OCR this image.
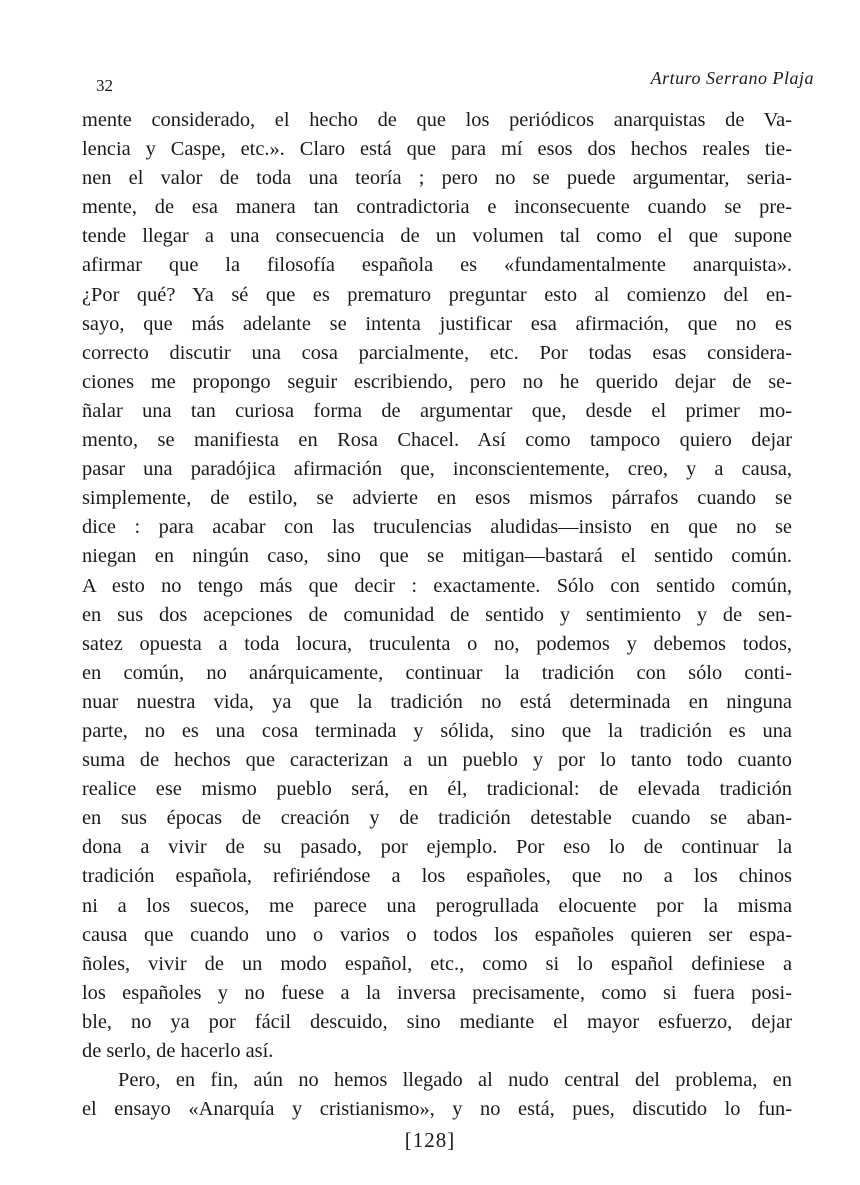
32	Arturo Serrano Plaja
mente considerado, el hecho de que los periódicos anarquistas de Va-
lencia y Caspe, etc.». Claro está que para mí esos dos hechos reales tie-
nen el valor de toda una teoría ; pero no se puede argumentar, seria-
mente, de esa manera tan contradictoria e inconsecuente cuando se pre-
tende llegar a una consecuencia de un volumen tal como el que supone
afirmar que la filosofía española es «fundamentalmente anarquista».
¿Por qué? Ya sé que es prematuro preguntar esto al comienzo del en-
sayo, que más adelante se intenta justificar esa afirmación, que no es
correcto discutir una cosa parcialmente, etc. Por todas esas considera-
ciones me propongo seguir escribiendo, pero no he querido dejar de se-
ñalar una tan curiosa forma de argumentar que, desde el primer mo-
mento, se manifiesta en Rosa Chacel. Así como tampoco quiero dejar
pasar una paradójica afirmación que, inconscientemente, creo, y a causa,
simplemente, de estilo, se advierte en esos mismos párrafos cuando se
dice : para acabar con las truculencias aludidas—insisto en que no se
niegan en ningún caso, sino que se mitigan—bastará el sentido común.
A esto no tengo más que decir : exactamente. Sólo con sentido común,
en sus dos acepciones de comunidad de sentido y sentimiento y de sen-
satez opuesta a toda locura, truculenta o no, podemos y debemos todos,
en común, no anárquicamente, continuar la tradición con sólo conti-
nuar nuestra vida, ya que la tradición no está determinada en ninguna
parte, no es una cosa terminada y sólida, sino que la tradición es una
suma de hechos que caracterizan a un pueblo y por lo tanto todo cuanto
realice ese mismo pueblo será, en él, tradicional: de elevada tradición
en sus épocas de creación y de tradición detestable cuando se aban-
dona a vivir de su pasado, por ejemplo. Por eso lo de continuar la
tradición española, refiriéndose a los españoles, que no a los chinos
ni a los suecos, me parece una perogrullada elocuente por la misma
causa que cuando uno o varios o todos los españoles quieren ser espa-
ñoles, vivir de un modo español, etc., como si lo español definiese a
los españoles y no fuese a la inversa precisamente, como si fuera posi-
ble, no ya por fácil descuido, sino mediante el mayor esfuerzo, dejar
de serlo, de hacerlo así.
Pero, en fin, aún no hemos llegado al nudo central del problema, en
el ensayo «Anarquía y cristianismo», y no está, pues, discutido lo fun-
[128]
